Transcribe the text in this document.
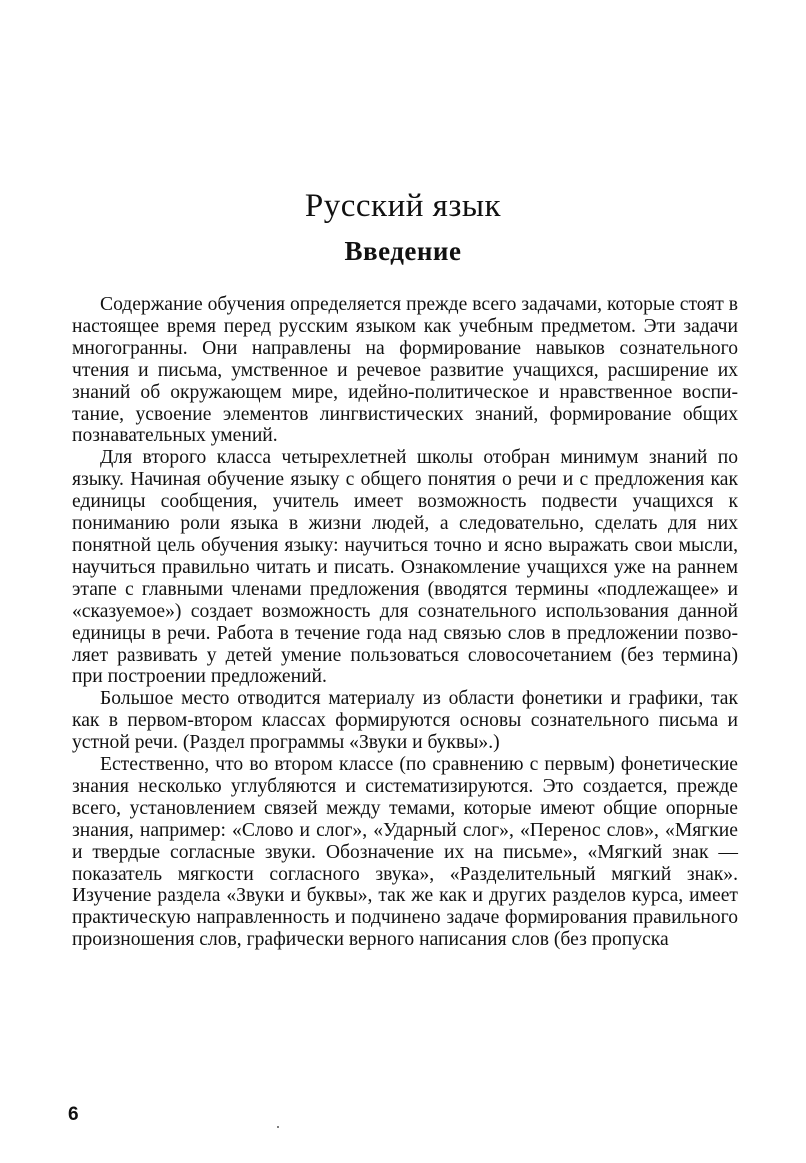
Русский язык
Введение

Содержание обучения определяется прежде всего задачами, которые стоят в настоящее время перед русским языком как учебным предметом. Эти задачи многогранны. Они направлены на формирование навыков сознательного чтения и письма, умственное и речевое развитие учащихся, расширение их знаний об окружающем мире, идейно-политическое и нравственное воспитание, усвоение элементов лингвистических знаний, формирование общих познавательных умений.

Для второго класса четырехлетней школы отобран минимум знаний по языку. Начиная обучение языку с общего понятия о речи и с предложения как единицы сообщения, учитель имеет возможность подвести учащихся к пониманию роли языка в жизни людей, а следовательно, сделать для них понятной цель обучения языку: научиться точно и ясно выражать свои мысли, научиться правильно читать и писать. Ознакомление учащихся уже на раннем этапе с главными членами предложения (вводятся термины «подлежащее» и «сказуемое») создает возможность для сознательного использования данной единицы в речи. Работа в течение года над связью слов в предложении позволяет развивать у детей умение пользоваться словосочетанием (без термина) при построении предложений.

Большое место отводится материалу из области фонетики и графики, так как в первом-втором классах формируются основы сознательного письма и устной речи. (Раздел программы «Звуки и буквы».)

Естественно, что во втором классе (по сравнению с первым) фонетические знания несколько углубляются и систематизируются. Это создается, прежде всего, установлением связей между темами, которые имеют общие опорные знания, например: «Слово и слог», «Ударный слог», «Перенос слов», «Мягкие и твердые согласные звуки. Обозначение их на письме», «Мягкий знак — показатель мягкости согласного звука», «Разделительный мягкий знак». Изучение раздела «Звуки и буквы», так же как и других разделов курса, имеет практическую направленность и подчинено задаче формирования правильного произношения слов, графически верного написания слов (без пропуска

6
